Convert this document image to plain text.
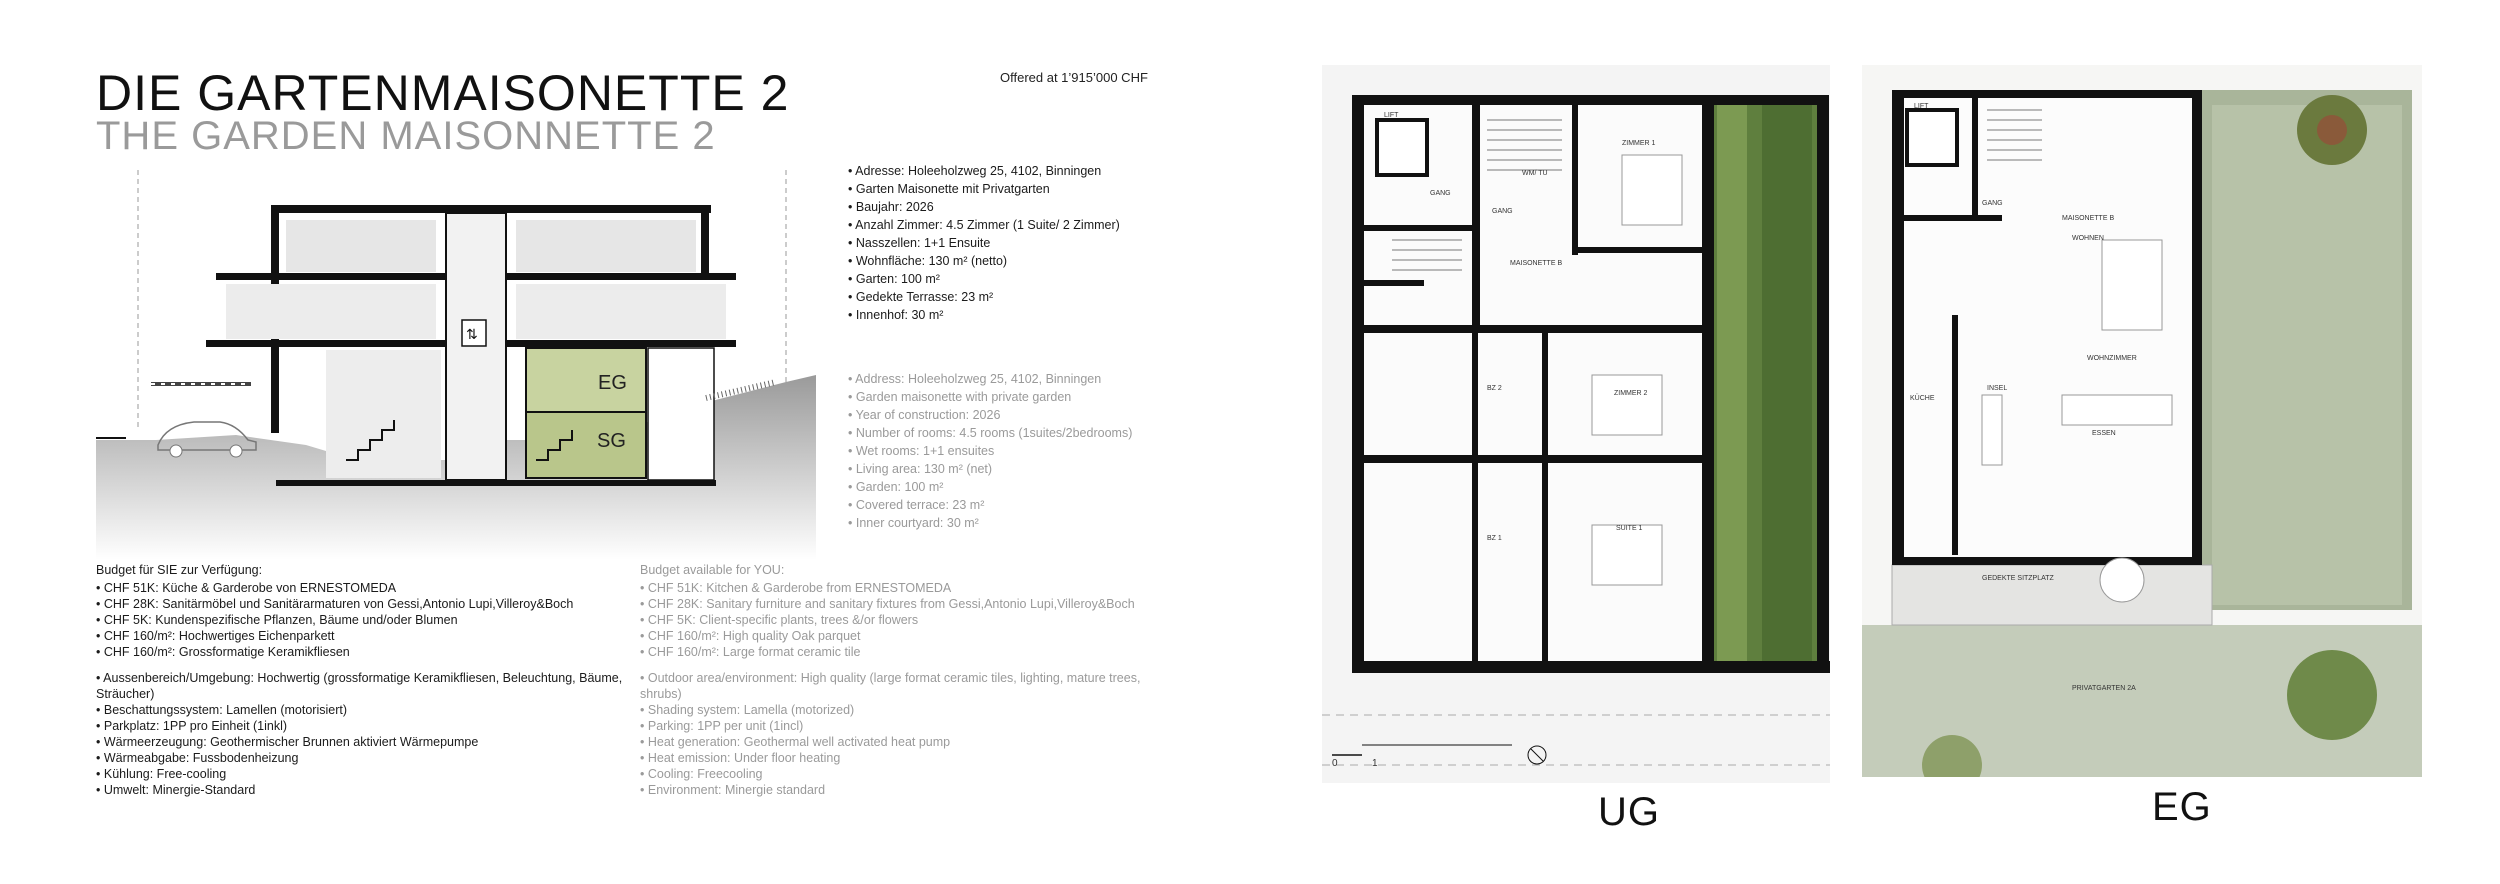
DIE GARTENMAISONETTE 2
THE GARDEN MAISONNETTE 2
Offered at 1’915’000 CHF
⇅
EG
SG
• Adresse: Holeeholzweg 25, 4102, Binningen
• Garten Maisonette mit Privatgarten
• Baujahr: 2026
• Anzahl Zimmer: 4.5 Zimmer (1 Suite/ 2 Zimmer)
• Nasszellen: 1+1 Ensuite
• Wohnfläche: 130 m² (netto)
• Garten: 100 m²
• Gedekte Terrasse: 23 m²
• Innenhof: 30 m²
• Address: Holeeholzweg 25, 4102, Binningen
• Garden maisonette with private garden
• Year of construction: 2026
• Number of rooms: 4.5 rooms (1suites/2bedrooms)
• Wet rooms: 1+1 ensuites
• Living area: 130 m² (net)
• Garden: 100 m²
• Covered terrace: 23 m²
• Inner courtyard: 30 m²
Budget für SIE zur Verfügung:
• CHF 51K: Küche & Garderobe von ERNESTOMEDA
• CHF 28K: Sanitärmöbel und Sanitärarmaturen von Gessi,Antonio Lupi,Villeroy&Boch
• CHF 5K: Kundenspezifische Pflanzen, Bäume und/oder Blumen
• CHF 160/m²: Hochwertiges Eichenparkett
• CHF 160/m²: Grossformatige Keramikfliesen
• Aussenbereich/Umgebung: Hochwertig (grossformatige Keramikfliesen, Beleuchtung, Bäume, Sträucher)
• Beschattungssystem: Lamellen (motorisiert)
• Parkplatz: 1PP pro Einheit (1inkl)
• Wärmeerzeugung: Geothermischer Brunnen aktiviert Wärmepumpe
• Wärmeabgabe: Fussbodenheizung
• Kühlung: Free-cooling
• Umwelt: Minergie-Standard
Budget available for YOU:
• CHF 51K: Kitchen & Garderobe from ERNESTOMEDA
• CHF 28K: Sanitary furniture and sanitary fixtures from Gessi,Antonio Lupi,Villeroy&Boch
• CHF 5K: Client-specific plants, trees &/or flowers
• CHF 160/m²: High quality Oak parquet
• CHF 160/m²: Large format ceramic tile
• Outdoor area/environment: High quality (large format ceramic tiles, lighting, mature trees, shrubs)
• Shading system: Lamella (motorized)
• Parking: 1PP per unit (1incl)
• Heat generation: Geothermal well activated heat pump
• Heat emission: Under floor heating
• Cooling: Freecooling
• Environment: Minergie standard
LIFT
GANG
WM/ TU
ZIMMER 1
GANG
MAISONETTE B
ZIMMER 2
BZ 2
BZ 1
SUITE 1
0	1
UG
LIFT
GANG
MAISONETTE B
WOHNEN
WOHNZIMMER
KÜCHE
INSEL
ESSEN
GEDEKTE SITZPLATZ
PRIVATGARTEN 2A
EG
